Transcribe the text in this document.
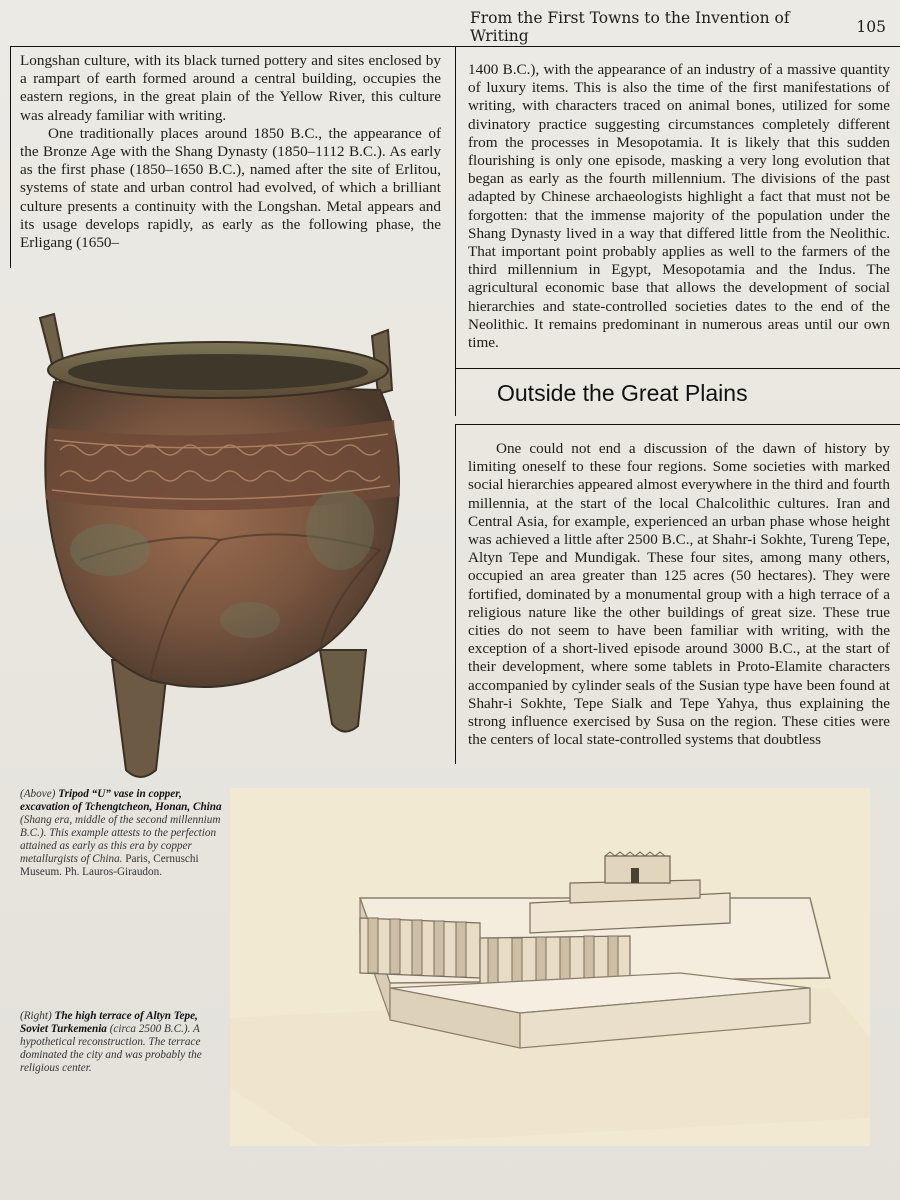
From the First Towns to the Invention of Writing	105

Longshan culture, with its black turned pottery and sites enclosed by a rampart of earth formed around a central building, occupies the eastern regions, in the great plain of the Yellow River, this culture was already familiar with writing.

One traditionally places around 1850 B.C., the appearance of the Bronze Age with the Shang Dynasty (1850–1112 B.C.). As early as the first phase (1850–1650 B.C.), named after the site of Erlitou, systems of state and urban control had evolved, of which a brilliant culture presents a continuity with the Longshan. Metal appears and its usage develops rapidly, as early as the following phase, the Erligang (1650–

1400 B.C.), with the appearance of an industry of a massive quantity of luxury items. This is also the time of the first manifestations of writing, with characters traced on animal bones, utilized for some divinatory practice suggesting circumstances completely different from the processes in Mesopotamia. It is likely that this sudden flourishing is only one episode, masking a very long evolution that began as early as the fourth millennium. The divisions of the past adapted by Chinese archaeologists highlight a fact that must not be forgotten: that the immense majority of the population under the Shang Dynasty lived in a way that differed little from the Neolithic. That important point probably applies as well to the farmers of the third millennium in Egypt, Mesopotamia and the Indus. The agricultural economic base that allows the development of social hierarchies and state-controlled societies dates to the end of the Neolithic. It remains predominant in numerous areas until our own time.

Outside the Great Plains

One could not end a discussion of the dawn of history by limiting oneself to these four regions. Some societies with marked social hierarchies appeared almost everywhere in the third and fourth millennia, at the start of the local Chalcolithic cultures. Iran and Central Asia, for example, experienced an urban phase whose height was achieved a little after 2500 B.C., at Shahr-i Sokhte, Tureng Tepe, Altyn Tepe and Mundigak. These four sites, among many others, occupied an area greater than 125 acres (50 hectares). They were fortified, dominated by a monumental group with a high terrace of a religious nature like the other buildings of great size. These true cities do not seem to have been familiar with writing, with the exception of a short-lived episode around 3000 B.C., at the start of their development, where some tablets in Proto-Elamite characters accompanied by cylinder seals of the Susian type have been found at Shahr-i Sokhte, Tepe Sialk and Tepe Yahya, thus explaining the strong influence exercised by Susa on the region. These cities were the centers of local state-controlled systems that doubtless

(Above) Tripod “U” vase in copper, excavation of Tchengtcheon, Honan, China (Shang era, middle of the second millennium B.C.). This example attests to the perfection attained as early as this era by copper metallurgists of China. Paris, Cernuschi Museum. Ph. Lauros-Giraudon.
(Right) The high terrace of Altyn Tepe, Soviet Turkemenia (circa 2500 B.C.). A hypothetical reconstruction. The terrace dominated the city and was probably the religious center.
